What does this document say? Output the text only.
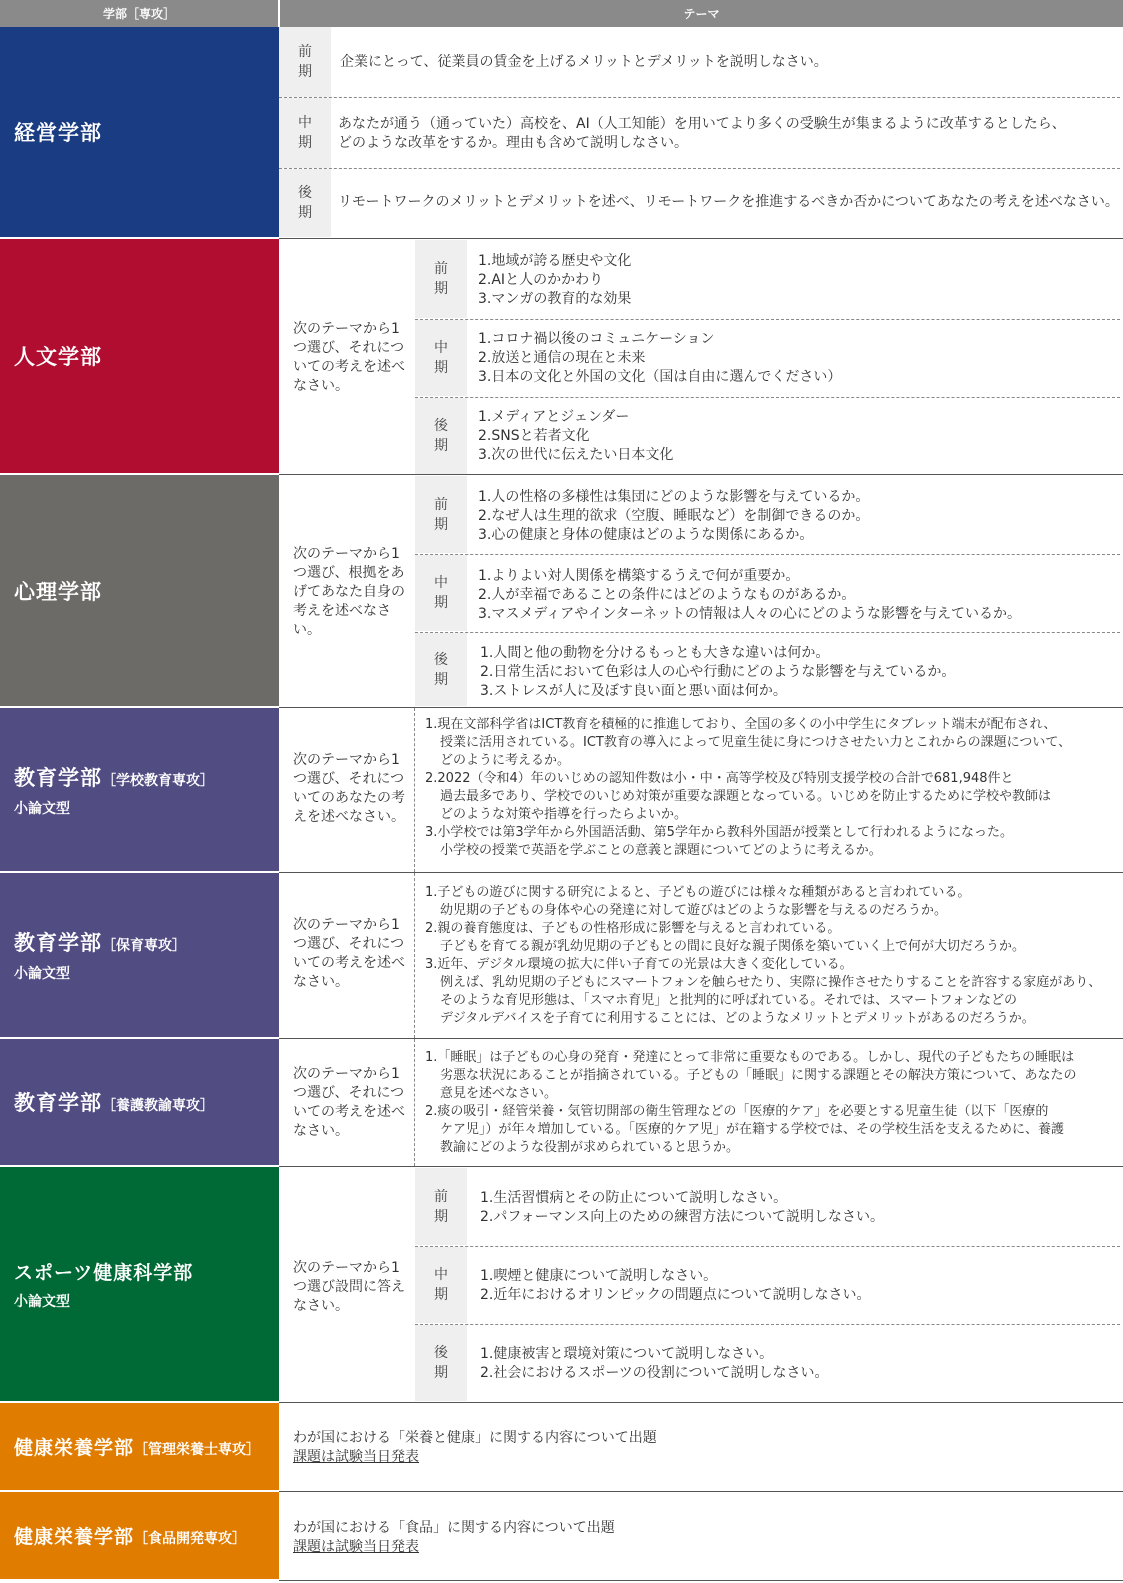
学部［専攻］	テーマ
経営学部
前期
中期
後期
企業にとって、従業員の賃金を上げるメリットとデメリットを説明しなさい。
あなたが通う（通っていた）高校を、AI（人工知能）を用いてより多くの受験生が集まるように改革するとしたら、
どのような改革をするか。理由も含めて説明しなさい。
リモートワークのメリットとデメリットを述べ、リモートワークを推進するべきか否かについてあなたの考えを述べなさい。
人文学部
次のテーマから1つ選び、それについての考えを述べなさい。
前期
中期
後期
1.地域が誇る歴史や文化
2.AIと人のかかわり
3.マンガの教育的な効果
1.コロナ禍以後のコミュニケーション
2.放送と通信の現在と未来
3.日本の文化と外国の文化（国は自由に選んでください）
1.メディアとジェンダー
2.SNSと若者文化
3.次の世代に伝えたい日本文化
心理学部
次のテーマから1つ選び、根拠をあげてあなた自身の考えを述べなさい。
前期
中期
後期
1.人の性格の多様性は集団にどのような影響を与えているか。
2.なぜ人は生理的欲求（空腹、睡眠など）を制御できるのか。
3.心の健康と身体の健康はどのような関係にあるか。
1.よりよい対人関係を構築するうえで何が重要か。
2.人が幸福であることの条件にはどのようなものがあるか。
3.マスメディアやインターネットの情報は人々の心にどのような影響を与えているか。
1.人間と他の動物を分けるもっとも大きな違いは何か。
2.日常生活において色彩は人の心や行動にどのような影響を与えているか。
3.ストレスが人に及ぼす良い面と悪い面は何か。
教育学部［学校教育専攻］
小論文型
次のテーマから1つ選び、それについてのあなたの考えを述べなさい。
1.現在文部科学省はICT教育を積極的に推進しており、全国の多くの小中学生にタブレット端末が配布され、
授業に活用されている。ICT教育の導入によって児童生徒に身につけさせたい力とこれからの課題について、
どのように考えるか。
2.2022（令和4）年のいじめの認知件数は小・中・高等学校及び特別支援学校の合計で681,948件と
過去最多であり、学校でのいじめ対策が重要な課題となっている。いじめを防止するために学校や教師は
どのような対策や指導を行ったらよいか。
3.小学校では第3学年から外国語活動、第5学年から教科外国語が授業として行われるようになった。
小学校の授業で英語を学ぶことの意義と課題についてどのように考えるか。
教育学部［保育専攻］
小論文型
次のテーマから1つ選び、それについての考えを述べなさい。
1.子どもの遊びに関する研究によると、子どもの遊びには様々な種類があると言われている。
幼児期の子どもの身体や心の発達に対して遊びはどのような影響を与えるのだろうか。
2.親の養育態度は、子どもの性格形成に影響を与えると言われている。
子どもを育てる親が乳幼児期の子どもとの間に良好な親子関係を築いていく上で何が大切だろうか。
3.近年、デジタル環境の拡大に伴い子育ての光景は大きく変化している。
例えば、乳幼児期の子どもにスマートフォンを触らせたり、実際に操作させたりすることを許容する家庭があり、
そのような育児形態は、「スマホ育児」と批判的に呼ばれている。それでは、スマートフォンなどの
デジタルデバイスを子育てに利用することには、どのようなメリットとデメリットがあるのだろうか。
教育学部［養護教諭専攻］
次のテーマから1つ選び、それについての考えを述べなさい。
1.「睡眠」は子どもの心身の発育・発達にとって非常に重要なものである。しかし、現代の子どもたちの睡眠は
劣悪な状況にあることが指摘されている。子どもの「睡眠」に関する課題とその解決方策について、あなたの
意見を述べなさい。
2.痰の吸引・経管栄養・気管切開部の衛生管理などの「医療的ケア」を必要とする児童生徒（以下「医療的
ケア児」）が年々増加している。「医療的ケア児」が在籍する学校では、その学校生活を支えるために、養護
教諭にどのような役割が求められていると思うか。
スポーツ健康科学部
小論文型
次のテーマから1つ選び設問に答えなさい。
前期
中期
後期
1.生活習慣病とその防止について説明しなさい。
2.パフォーマンス向上のための練習方法について説明しなさい。
1.喫煙と健康について説明しなさい。
2.近年におけるオリンピックの問題点について説明しなさい。
1.健康被害と環境対策について説明しなさい。
2.社会におけるスポーツの役割について説明しなさい。
健康栄養学部［管理栄養士専攻］
わが国における「栄養と健康」に関する内容について出題
課題は試験当日発表
健康栄養学部［食品開発専攻］
わが国における「食品」に関する内容について出題
課題は試験当日発表
